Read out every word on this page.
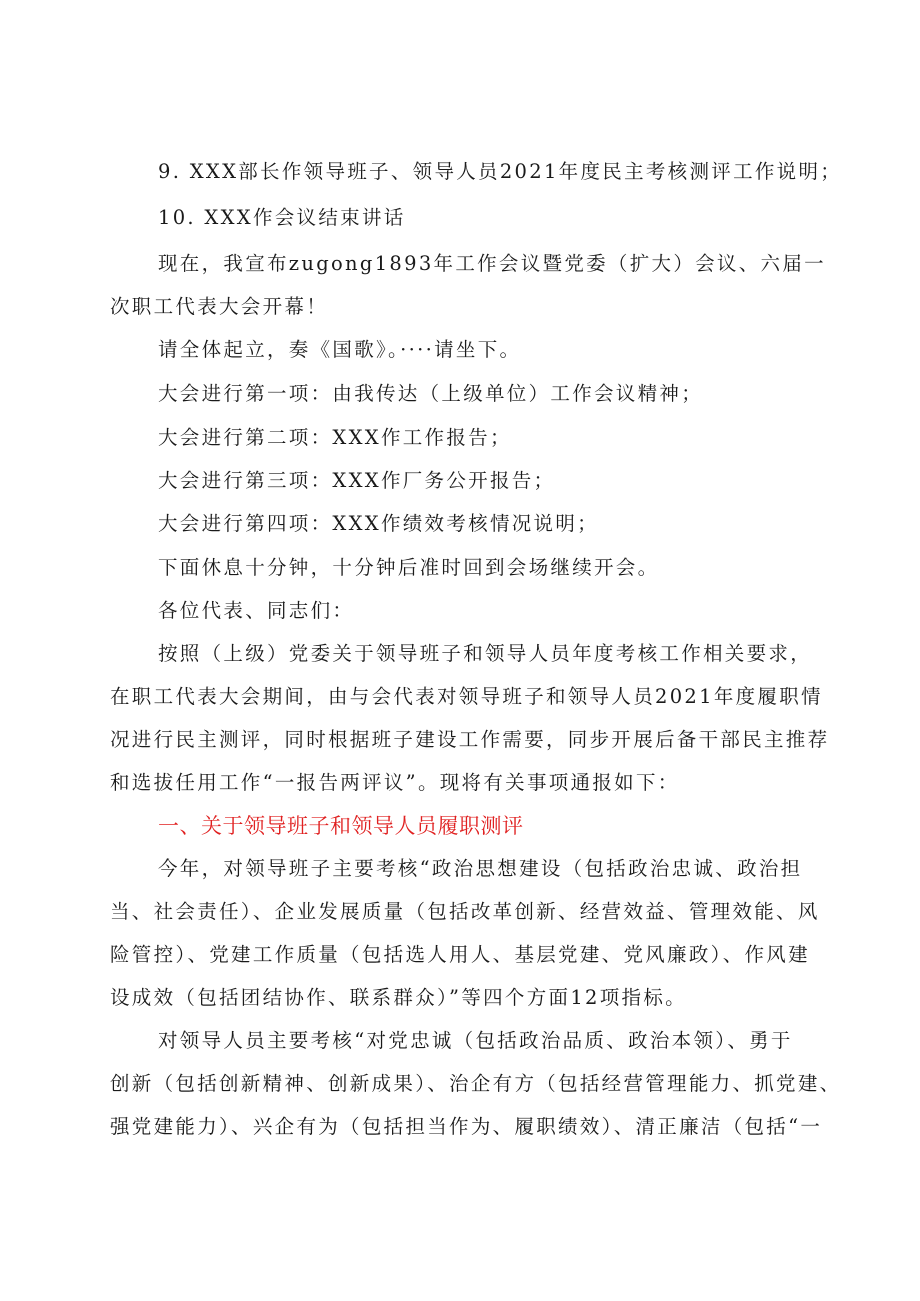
9. XXX部长作领导班子、领导人员2021年度民主考核测评工作说明；
10. XXX作会议结束讲话
现在，我宣布zugong1893年工作会议暨党委（扩大）会议、六届一
次职工代表大会开幕！
请全体起立，奏《国歌》。····请坐下。
大会进行第一项：由我传达（上级单位）工作会议精神；
大会进行第二项：XXX作工作报告；
大会进行第三项：XXX作厂务公开报告；
大会进行第四项：XXX作绩效考核情况说明；
下面休息十分钟，十分钟后准时回到会场继续开会。
各位代表、同志们：
按照（上级）党委关于领导班子和领导人员年度考核工作相关要求，
在职工代表大会期间，由与会代表对领导班子和领导人员2021年度履职情
况进行民主测评，同时根据班子建设工作需要，同步开展后备干部民主推荐
和选拔任用工作“一报告两评议”。现将有关事项通报如下：
一、关于领导班子和领导人员履职测评
今年，对领导班子主要考核“政治思想建设（包括政治忠诚、政治担
当、社会责任）、企业发展质量（包括改革创新、经营效益、管理效能、风
险管控）、党建工作质量（包括选人用人、基层党建、党风廉政）、作风建
设成效（包括团结协作、联系群众）”等四个方面12项指标。
对领导人员主要考核“对党忠诚（包括政治品质、政治本领）、勇于
创新（包括创新精神、创新成果）、治企有方（包括经营管理能力、抓党建、
强党建能力）、兴企有为（包括担当作为、履职绩效）、清正廉洁（包括“一
